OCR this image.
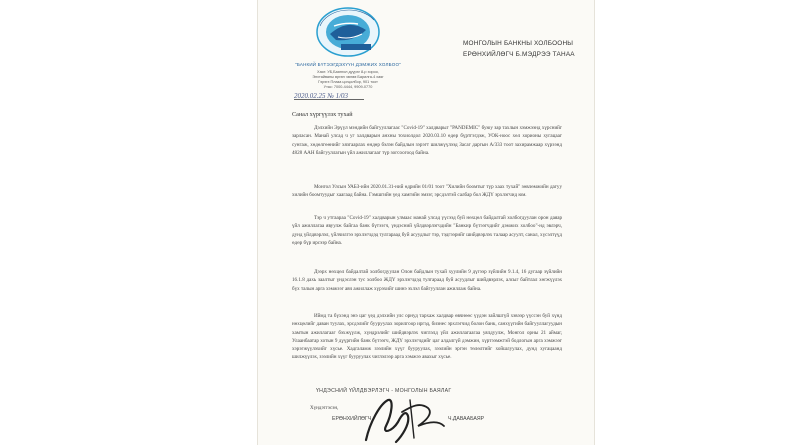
"БАНКИЙ БҮТЭЭГДЭХҮҮН ДЭМЖИХ ХОЛБОО"
Хаяг: УБ,Баянгол дүүрэг 8-р хороо,
Энхтайваны өргөн чөлөө Барилга-4 хаяг
Гэрэгэ Плаза цогцолбор, 901 тоот
Утас: 7000-4444, 9909-0770
2020.02.25 № 1/03
МОНГОЛЫН БАНКНЫ ХОЛБООНЫ
ЕРӨНХИЙЛӨГЧ Б.МЭДРЭЭ ТАНАА
Санал хүргүүлэх тухай

Дэлхийн Эрүүл мэндийн байгууллагаас "Covid-19" халдварыг "PANDEMIC" буюу зар тахлын хэмжээнд хүрснийг зарласан. Манай улсад ч уг халдварын анхны тохиолдол 2020.03.10 өдөр бүртгэгдэж, УОК-ноос хөл хорионы хугацааг сунгаж, хөдөлгөөнийг хязгаарлах өндөр бэлэн байдлын зэрэгт шилжүүлээд Засаг даргын А/333 тоот захирамжаар хүрээнд 4828 ААН байгууллагын үйл ажиллагааг түр зогсоогоод байна.

Монгол Улсын УАБЗ-ийн 2020.01.31-ний өдрийн 01/01 тоот "Хилийн боомтыг түр хаах тухай" зөвлөмжийн дагуу хилийн боомтуудыг хаагаад байна. Гэмшгийн үед хамгийн эмзэг, эрсдэлтэй салбар бол ЖДҮ эрхлэгчид юм.

Тэр ч утгаараа "Covid-19" халдварын улмаас манай улсад үүсээд буй нөхцөл байдалтай холбогдуулан орон даяар үйл ажиллагаа явуулж байгаа банк бүтээгч, үндэсний үйлдвэрлэгчдийн "Банкир бүтээгчдийг дэмжих холбоо"-нд эвлэрч, дунд үйлдвэрлэл, үйлчилгээ эрхлэгчдэд тулгараад буй асуудлыг тэр, тэдгээрийг шийдвэрлэх талаар асуулт, санал, хүсэлтүүд өдөр бүр ирсээр байна.

Дээрх нөхцөл байдалтай холбогдуулан Олон байдлын тухай хуулийн 9 дүгээр зүйлийн 9.1.4, 16 дугаар зүйлийн 16.1.8 дахь заалтыг үндэслэн тус холбоо ЖДҮ эрхлэгчдэд тулгараад буй асуудлыг шийдвэрлэх, алсыг байтлал хөгжүүлэх бүх талын арга хэмжээг авч ажиллаж хүрэхийг шинэ эхлэл байгууллан ажиллаж байна.

Иймд та бүхэнд энэ цаг үед дэлхийн улс орнуд тархаж халдвар өвчнөөс үүдэн зайлшгүй хэвээр үүссэн буй хүнд нөхцөлийг даван туулах, эрсдэлийг бууруулах зорилгоор иргэд, бизнес эрхлэгчид болон банк, санхүүгийн байгууллагуудын хамтын ажиллагааг бэхжүүлж, хүндрэлийг шийдвэрлэх чиглэлд үйл ажиллагаагаа уялдуулж, Монгол орны 21 аймаг, Улаанбаатар хотын 9 дүүргийн банк бүтээгч, ЖДҮ эрхлэгчдийг цаг алдалгүй дэмжин, хүртээмжтэй бодлогын арга хэмжээг хэрэгжүүлэхийг хүсье. Хадгаламж зээлийн хүүг бууруулах, зээлийн эргэн төлөлтийг хойшлуулах, дунд хугацаанд шилжүүлэх, зээлийн хүүг бууруулах чиглэлээр арга хэмжээ авахыг хүсье.

ҮНДЭСНИЙ ҮЙЛДВЭРЛЭГЧ - МОНГОЛЫН БАЯЛАГ
Хүндэтгэсэн,
ЕРӨНХИЙЛӨГЧ	Ч.ДАВААБАЯР
